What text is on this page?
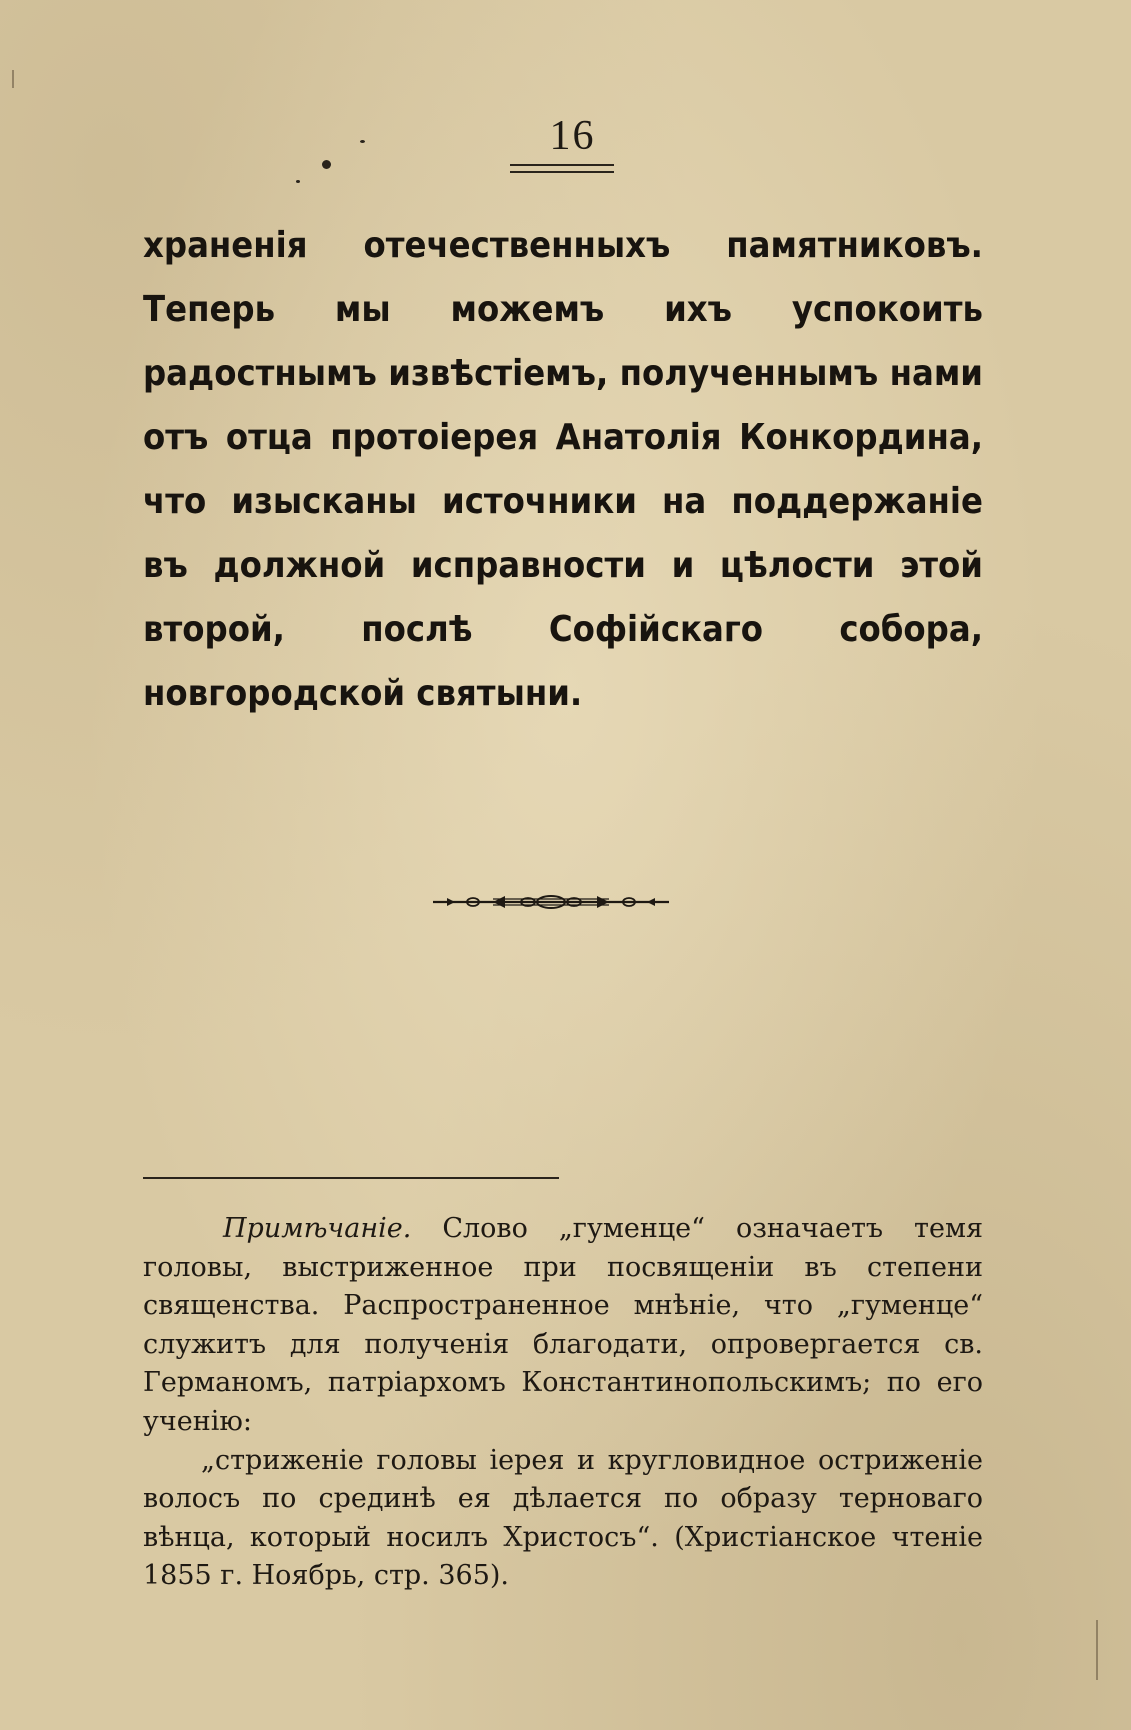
16

храненія отечественныхъ памятниковъ. Теперь мы можемъ ихъ успокоить радостнымъ извѣстіемъ, полученнымъ нами отъ отца протоіерея Анатолія Конкордина, что изысканы источники на поддержаніе въ должной исправности и цѣлости этой второй, послѣ Софійскаго собора, новгородской святыни.

Примѣчаніе. Слово „гуменце“ означаетъ темя головы, выстриженное при посвященіи въ степени священства. Распространенное мнѣніе, что „гуменце“ служитъ для полученія благодати, опровергается св. Германомъ, патріархомъ Константинопольскимъ; по его ученію:

„стриженіе головы іерея и кругловидное остриженіе волосъ по срединѣ ея дѣлается по образу терноваго вѣнца, который носилъ Христосъ“. (Христіанское чтеніе 1855 г. Ноябрь, стр. 365).
